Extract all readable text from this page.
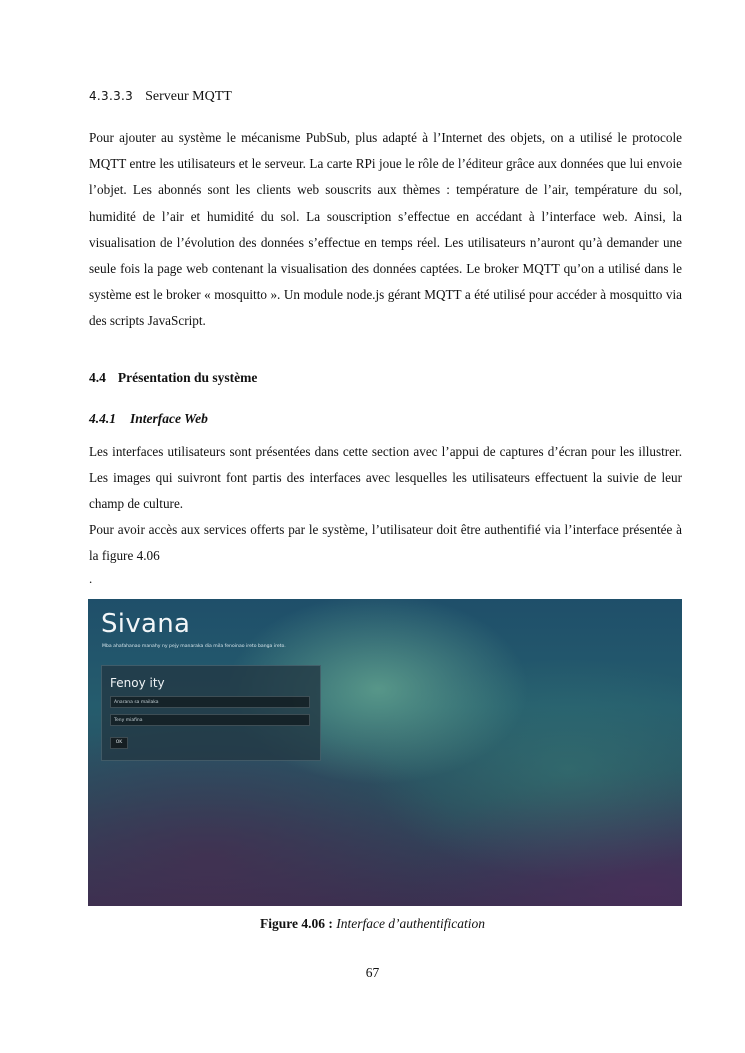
4.3.3.3 Serveur MQTT

Pour ajouter au système le mécanisme PubSub, plus adapté à l’Internet des objets, on a utilisé le protocole MQTT entre les utilisateurs et le serveur. La carte RPi joue le rôle de l’éditeur grâce aux données que lui envoie l’objet. Les abonnés sont les clients web souscrits aux thèmes : température de l’air, température du sol, humidité de l’air et humidité du sol. La souscription s’effectue en accédant à l’interface web. Ainsi, la visualisation de l’évolution des données s’effectue en temps réel. Les utilisateurs n’auront qu’à demander une seule fois la page web contenant la visualisation des données captées. Le broker MQTT qu’on a utilisé dans le système est le broker « mosquitto ». Un module node.js gérant MQTT a été utilisé pour accéder à mosquitto via des scripts JavaScript.

4.4 Présentation du système
4.4.1 Interface Web

Les interfaces utilisateurs sont présentées dans cette section avec l’appui de captures d’écran pour les illustrer. Les images qui suivront font partis des interfaces avec lesquelles les utilisateurs effectuent la suivie de leur champ de culture.

Pour avoir accès aux services offerts par le système, l’utilisateur doit être authentifié via l’interface présentée à la figure 4.06

.
Sivana
Mba ahafahanao manahy ny pejy manaraka dia mila fenoinao ireto banga ireto.
Fenoy ity
Anarana sa mailaka
Teny miafina
OK
Figure 4.06 : Interface d’authentification
67
